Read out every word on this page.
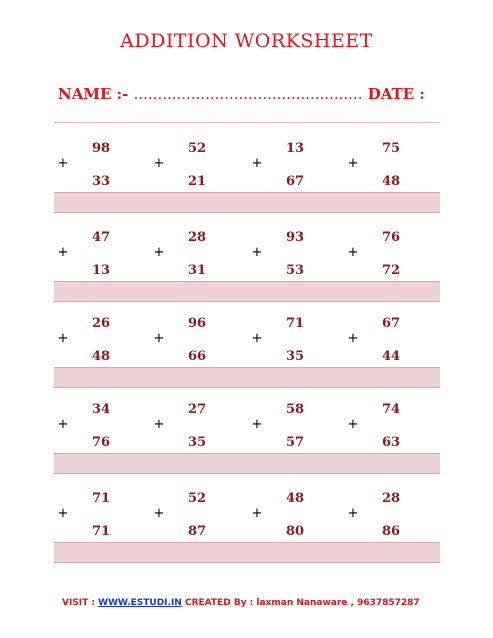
ADDITION WORKSHEET
NAME :- ................................................ DATE :
+
98
33
+
52
21
+
13
67
+
75
48
+
47
13
+
28
31
+
93
53
+
76
72
+
26
48
+
96
66
+
71
35
+
67
44
+
34
76
+
27
35
+
58
57
+
74
63
+
71
71
+
52
87
+
48
80
+
28
86
VISIT : WWW.ESTUDI.IN CREATED By : laxman Nanaware , 9637857287
